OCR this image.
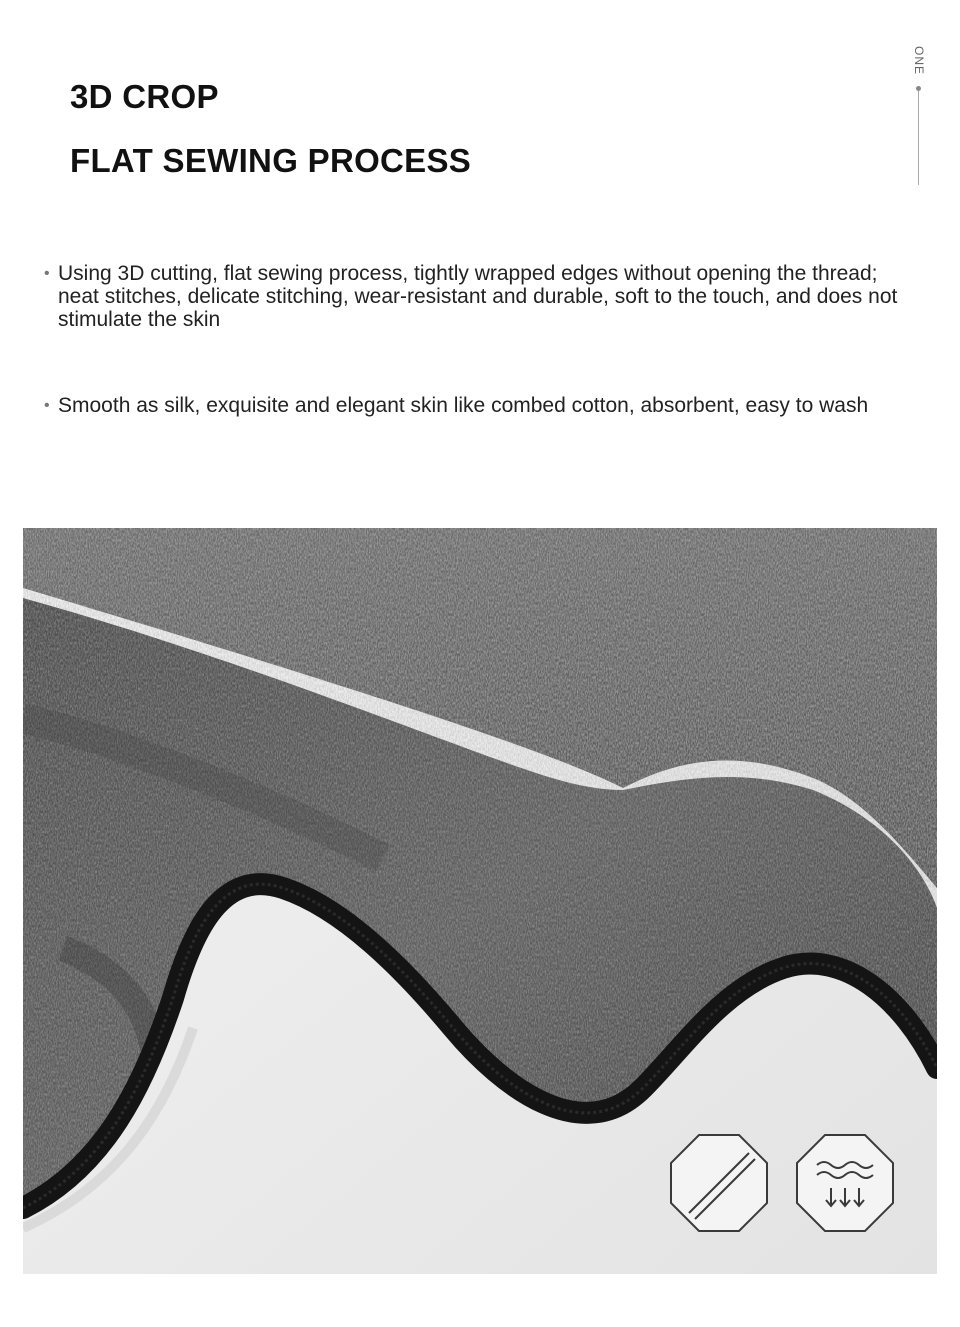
3D CROP
FLAT SEWING PROCESS
ONE
• Using 3D cutting, flat sewing process, tightly wrapped edges without opening the thread; neat stitches, delicate stitching, wear-resistant and durable, soft to the touch, and does not stimulate the skin
• Smooth as silk, exquisite and elegant skin like combed cotton, absorbent, easy to wash
